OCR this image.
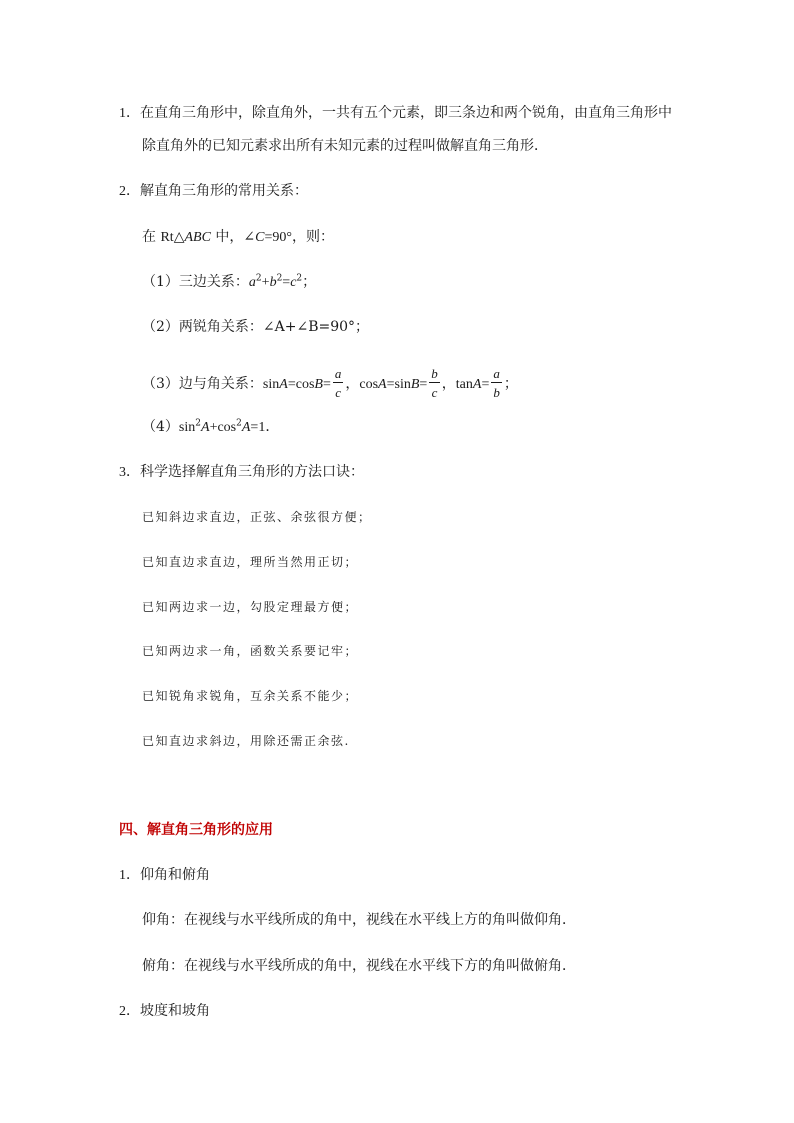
1．在直角三角形中，除直角外，一共有五个元素，即三条边和两个锐角，由直角三角形中
除直角外的已知元素求出所有未知元素的过程叫做解直角三角形．
2．解直角三角形的常用关系：
在 Rt△ABC 中，∠C=90°，则：
（1）三边关系：$a^2+b^2=c^2$；
（2）两锐角关系：∠A+∠B=90°；
（3）边与角关系：$\sin A=\cos B= \frac{a}{c}$ ，$\cos A=\sin B= \frac{b}{c}$ ，$\tan A= \frac{a}{b}$ ；
$(4)\sin^2A+\cos^2A=1$．
3．科学选择解直角三角形的方法口诀：
已知斜边求直边，正弦、余弦很方便；
已知直边求直边，理所当然用正切；
已知两边求一边，勾股定理最方便；
已知两边求一角，函数关系要记牢；
已知锐角求锐角，互余关系不能少；
已知直边求斜边，用除还需正余弦.
四、解直角三角形的应用
1．仰角和俯角
仰角：在视线与水平线所成的角中，视线在水平线上方的角叫做仰角．
俯角：在视线与水平线所成的角中，视线在水平线下方的角叫做俯角．
2．坡度和坡角
